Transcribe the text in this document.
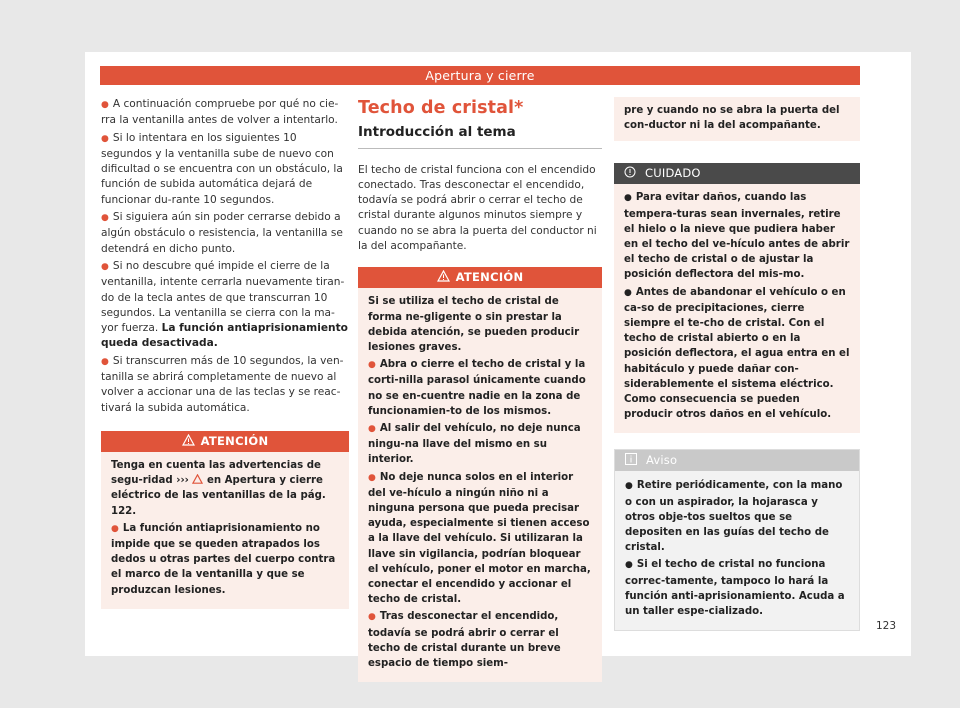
Apertura y cierre

● A continuación compruebe por qué no cie-rra la ventanilla antes de volver a intentarlo.

● Si lo intentara en los siguientes 10 segundos y la ventanilla sube de nuevo con dificultad o se encuentra con un obstáculo, la función de subida automática dejará de funcionar du-rante 10 segundos.

● Si siguiera aún sin poder cerrarse debido a algún obstáculo o resistencia, la ventanilla se detendrá en dicho punto.

● Si no descubre qué impide el cierre de la ventanilla, intente cerrarla nuevamente tiran-do de la tecla antes de que transcurran 10 segundos. La ventanilla se cierra con la ma-yor fuerza. La función antiaprisionamiento queda desactivada.

● Si transcurren más de 10 segundos, la ven-tanilla se abrirá completamente de nuevo al volver a accionar una de las teclas y se reac-tivará la subida automática.

ATENCIÓN

Tenga en cuenta las advertencias de segu-ridad ››› en Apertura y cierre eléctrico de las ventanillas de la pág. 122.

● La función antiaprisionamiento no impide que se queden atrapados los dedos u otras partes del cuerpo contra el marco de la ventanilla y que se produzcan lesiones.

Techo de cristal*
Introducción al tema

El techo de cristal funciona con el encendido conectado. Tras desconectar el encendido, todavía se podrá abrir o cerrar el techo de cristal durante algunos minutos siempre y cuando no se abra la puerta del conductor ni la del acompañante.

ATENCIÓN

Si se utiliza el techo de cristal de forma ne-gligente o sin prestar la debida atención, se pueden producir lesiones graves.

● Abra o cierre el techo de cristal y la corti-nilla parasol únicamente cuando no se en-cuentre nadie en la zona de funcionamien-to de los mismos.

● Al salir del vehículo, no deje nunca ningu-na llave del mismo en su interior.

● No deje nunca solos en el interior del ve-hículo a ningún niño ni a ninguna persona que pueda precisar ayuda, especialmente si tienen acceso a la llave del vehículo. Si utilizaran la llave sin vigilancia, podrían bloquear el vehículo, poner el motor en marcha, conectar el encendido y accionar el techo de cristal.

● Tras desconectar el encendido, todavía se podrá abrir o cerrar el techo de cristal durante un breve espacio de tiempo siem-

pre y cuando no se abra la puerta del con-ductor ni la del acompañante.

CUIDADO

● Para evitar daños, cuando las tempera-turas sean invernales, retire el hielo o la nieve que pudiera haber en el techo del ve-hículo antes de abrir el techo de cristal o de ajustar la posición deflectora del mis-mo.

● Antes de abandonar el vehículo o en ca-so de precipitaciones, cierre siempre el te-cho de cristal. Con el techo de cristal abierto o en la posición deflectora, el agua entra en el habitáculo y puede dañar con-siderablemente el sistema eléctrico. Como consecuencia se pueden producir otros daños en el vehículo.

Aviso

● Retire periódicamente, con la mano o con un aspirador, la hojarasca y otros obje-tos sueltos que se depositen en las guías del techo de cristal.

● Si el techo de cristal no funciona correc-tamente, tampoco lo hará la función anti-aprisionamiento. Acuda a un taller espe-cializado.

123
